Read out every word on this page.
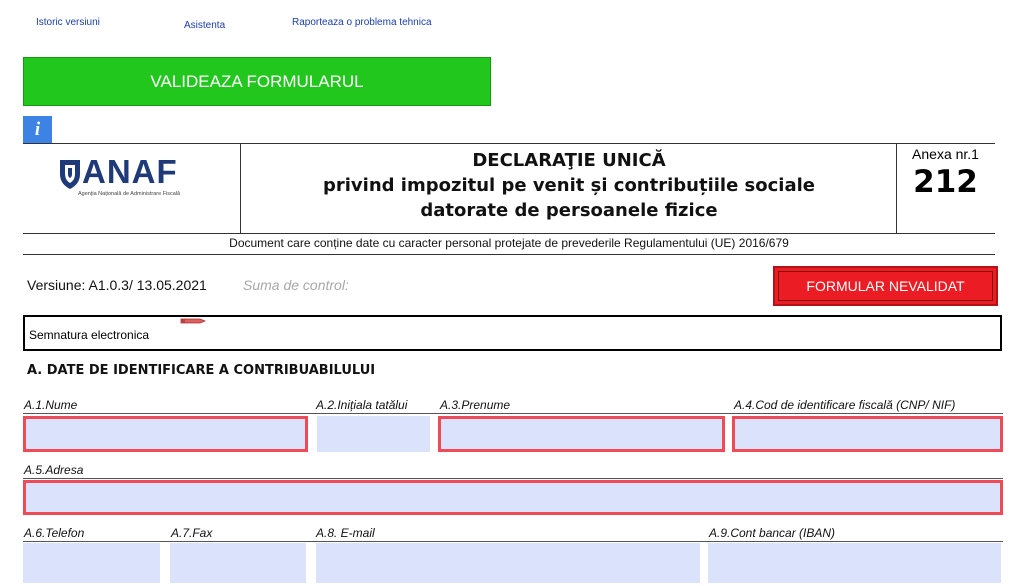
Istoric versiuni	Asistenta	Raporteaza o problema tehnica
VALIDEAZA FORMULARUL
i
ANAF
Agenția Națională de Administrare Fiscală
DECLARAŢIE UNICĂ
privind impozitul pe venit și contribuțiile sociale
datorate de persoanele fizice
Anexa nr.1
212
Document care conține date cu caracter personal protejate de prevederile Regulamentului (UE) 2016/679
Versiune: A1.0.3/ 13.05.2021	Suma de control:	FORMULAR NEVALIDAT
Semnatura electronica
A. DATE DE IDENTIFICARE A CONTRIBUABILULUI
A.1.Nume	A.2.Inițiala tatălui	A.3.Prenume	A.4.Cod de identificare fiscală (CNP/ NIF)
A.5.Adresa
A.6.Telefon	A.7.Fax	A.8. E-mail	A.9.Cont bancar (IBAN)
